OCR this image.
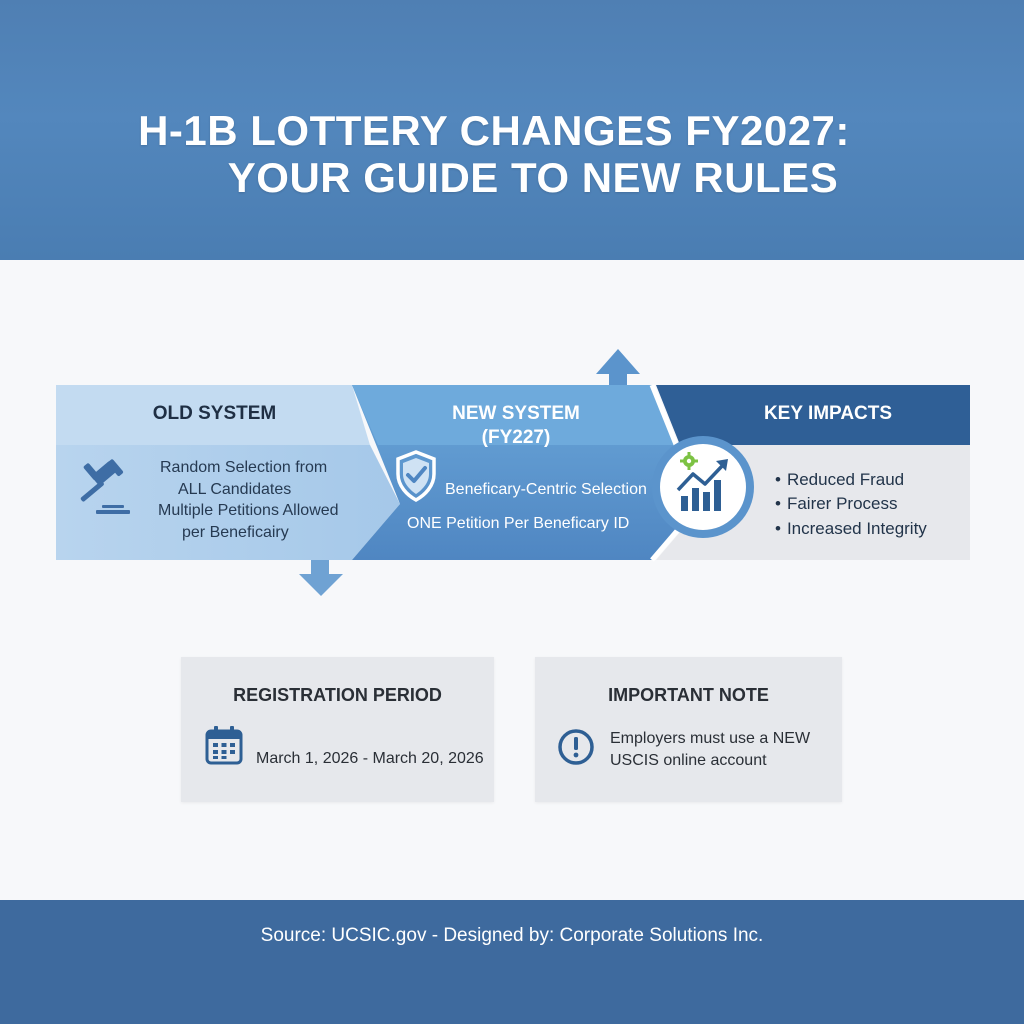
H-1B LOTTERY CHANGES FY2027:
YOUR GUIDE TO NEW RULES
OLD SYSTEM	NEW SYSTEM
(FY227)
KEY IMPACTS
Random Selection from
ALL Candidates
Multiple Petitions Allowed
per Beneficairy
Beneficary-Centric Selection
ONE Petition Per Beneficary ID
• Reduced Fraud
• Fairer Process
• Increased Integrity
REGISTRATION PERIOD
March 1, 2026 - March 20, 2026
IMPORTANT NOTE
Employers must use a NEW
USCIS online account
Source: UCSIC.gov - Designed by: Corporate Solutions Inc.
